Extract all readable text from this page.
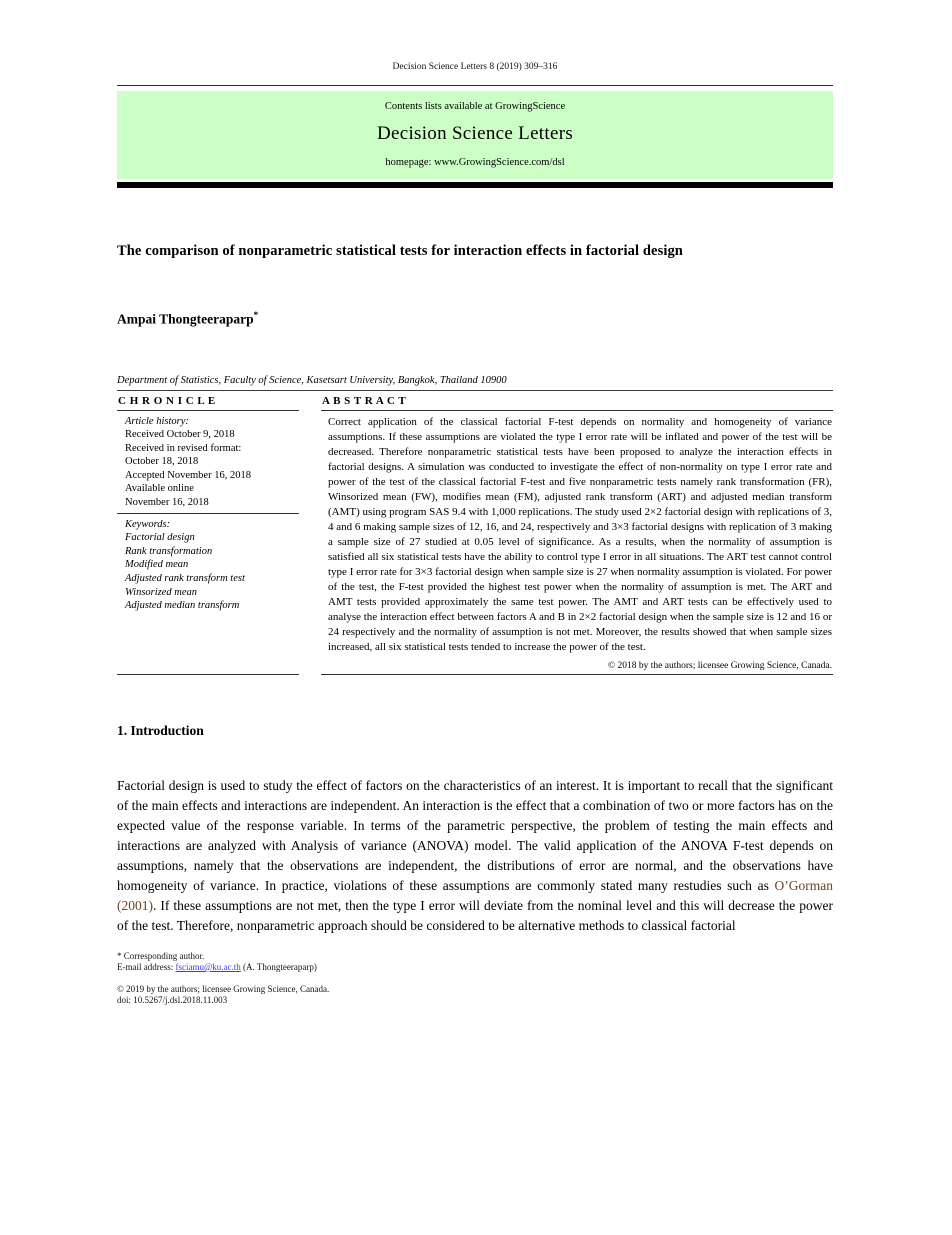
Decision Science Letters 8 (2019) 309–316
Contents lists available at GrowingScience
Decision Science Letters
homepage: www.GrowingScience.com/dsl
The comparison of nonparametric statistical tests for interaction effects in factorial design
Ampai Thongteeraparp*
Department of Statistics, Faculty of Science, Kasetsart University, Bangkok, Thailand 10900
C H R O N I C L E
Article history:
Received October 9, 2018
Received in revised format:
October 18, 2018
Accepted November 16, 2018
Available online
November 16, 2018
Keywords:
Factorial design
Rank transformation
Modified mean
Adjusted rank transform test
Winsorized mean
Adjusted median transform
A B S T R A C T

Correct application of the classical factorial F-test depends on normality and homogeneity of variance assumptions. If these assumptions are violated the type I error rate will be inflated and power of the test will be decreased. Therefore nonparametric statistical tests have been proposed to analyze the interaction effects in factorial designs. A simulation was conducted to investigate the effect of non-normality on type I error rate and power of the test of the classical factorial F-test and five nonparametric tests namely rank transformation (FR), Winsorized mean (FW), modifies mean (FM), adjusted rank transform (ART) and adjusted median transform (AMT) using program SAS 9.4 with 1,000 replications. The study used 2×2 factorial design with replications of 3, 4 and 6 making sample sizes of 12, 16, and 24, respectively and 3×3 factorial designs with replication of 3 making a sample size of 27 studied at 0.05 level of significance. As a results, when the normality of assumption is satisfied all six statistical tests have the ability to control type I error in all situations. The ART test cannot control type I error rate for 3×3 factorial design when sample size is 27 when normality assumption is violated. For power of the test, the F-test provided the highest test power when the normality of assumption is met. The ART and AMT tests provided approximately the same test power. The AMT and ART tests can be effectively used to analyse the interaction effect between factors A and B in 2×2 factorial design when the sample size is 12 and 16 or 24 respectively and the normality of assumption is not met. Moreover, the results showed that when sample sizes increased, all six statistical tests tended to increase the power of the test.

© 2018 by the authors; licensee Growing Science, Canada.
1. Introduction

Factorial design is used to study the effect of factors on the characteristics of an interest. It is important to recall that the significant of the main effects and interactions are independent. An interaction is the effect that a combination of two or more factors has on the expected value of the response variable. In terms of the parametric perspective, the problem of testing the main effects and interactions are analyzed with Analysis of variance (ANOVA) model. The valid application of the ANOVA F-test depends on assumptions, namely that the observations are independent, the distributions of error are normal, and the observations have homogeneity of variance. In practice, violations of these assumptions are commonly stated many restudies such as O’Gorman (2001). If these assumptions are not met, then the type I error will deviate from the nominal level and this will decrease the power of the test. Therefore, nonparametric approach should be considered to be alternative methods to classical factorial

* Corresponding author.
E-mail address: fsciamu@ku.ac.th (A. Thongteeraparp)
© 2019 by the authors; licensee Growing Science, Canada.
doi: 10.5267/j.dsl.2018.11.003
